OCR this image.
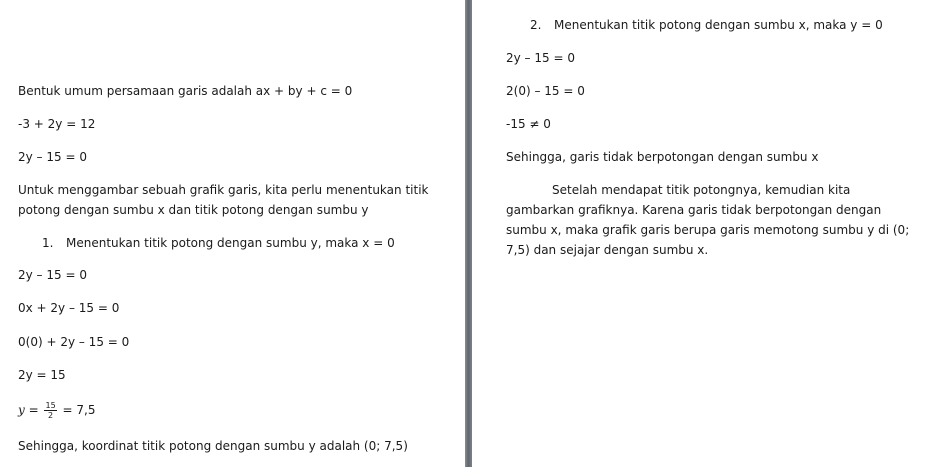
Bentuk umum persamaan garis adalah ax + by + c = 0
-3 + 2y = 12
2y – 15 = 0
Untuk menggambar sebuah grafik garis, kita perlu menentukan titik potong dengan sumbu x dan titik potong dengan sumbu y
1. Menentukan titik potong dengan sumbu y, maka x = 0
2y – 15 = 0
0x + 2y – 15 = 0
0(0) + 2y – 15 = 0
2y = 15
$y = \frac{15}{2} = 7,5$
Sehingga, koordinat titik potong dengan sumbu y adalah (0; 7,5)
2. Menentukan titik potong dengan sumbu x, maka y = 0
2y – 15 = 0
2(0) – 15 = 0
-15 ≠ 0
Sehingga, garis tidak berpotongan dengan sumbu x
Setelah mendapat titik potongnya, kemudian kita gambarkan grafiknya. Karena garis tidak berpotongan dengan sumbu x, maka grafik garis berupa garis memotong sumbu y di (0; 7,5) dan sejajar dengan sumbu x.
